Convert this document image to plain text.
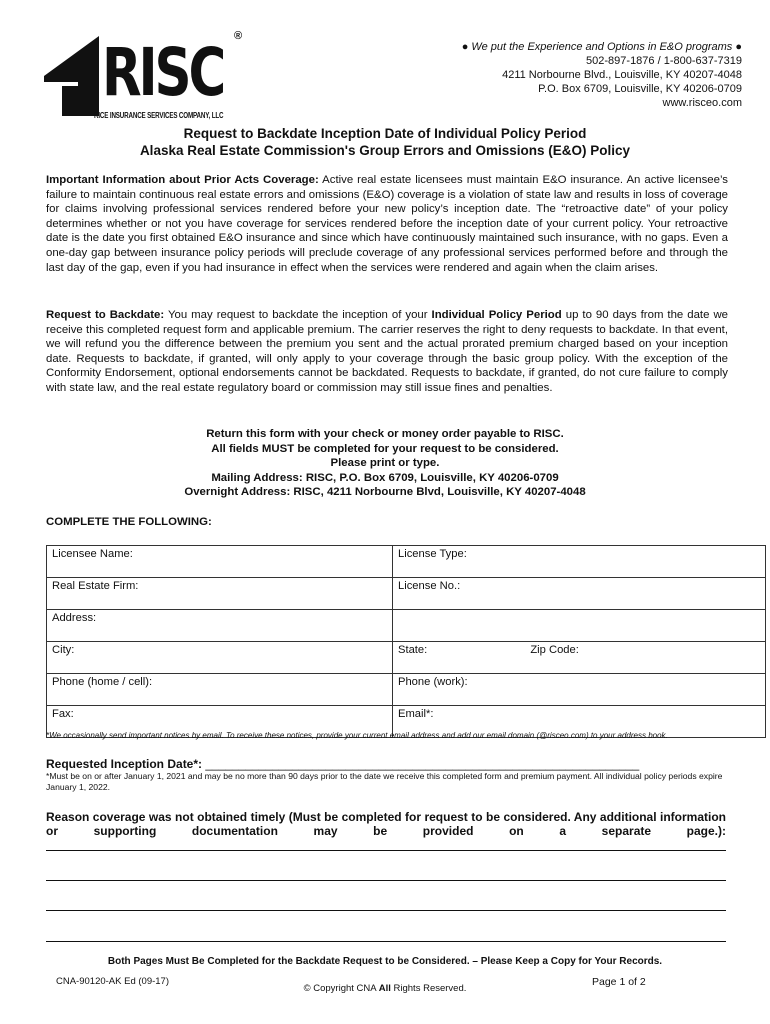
RISC ®
RICE INSURANCE SERVICES COMPANY, LLC
● We put the Experience and Options in E&O programs ●
502-897-1876 / 1-800-637-7319
4211 Norbourne Blvd., Louisville, KY 40207-4048
P.O. Box 6709, Louisville, KY 40206-0709
www.risceo.com
Request to Backdate Inception Date of Individual Policy Period
Alaska Real Estate Commission's Group Errors and Omissions (E&O) Policy
Important Information about Prior Acts Coverage: Active real estate licensees must maintain E&O insurance. An active licensee’s failure to maintain continuous real estate errors and omissions (E&O) coverage is a violation of state law and results in loss of coverage for claims involving professional services rendered before your new policy’s inception date. The “retroactive date” of your policy determines whether or not you have coverage for services rendered before the inception date of your current policy. Your retroactive date is the date you first obtained E&O insurance and since which have continuously maintained such insurance, with no gaps. Even a one-day gap between insurance policy periods will preclude coverage of any professional services performed before and through the last day of the gap, even if you had insurance in effect when the services were rendered and again when the claim arises.
Request to Backdate: You may request to backdate the inception of your Individual Policy Period up to 90 days from the date we receive this completed request form and applicable premium. The carrier reserves the right to deny requests to backdate. In that event, we will refund you the difference between the premium you sent and the actual prorated premium charged based on your inception date. Requests to backdate, if granted, will only apply to your coverage through the basic group policy. With the exception of the Conformity Endorsement, optional endorsements cannot be backdated. Requests to backdate, if granted, do not cure failure to comply with state law, and the real estate regulatory board or commission may still issue fines and penalties.
Return this form with your check or money order payable to RISC.
All fields MUST be completed for your request to be considered.
Please print or type.
Mailing Address: RISC, P.O. Box 6709, Louisville, KY 40206-0709
Overnight Address: RISC, 4211 Norbourne Blvd, Louisville, KY 40207-4048
COMPLETE THE FOLLOWING:
Licensee Name:	License Type:
Real Estate Firm:	License No.:
Address:	
City:	State: Zip Code:
Phone (home / cell):	Phone (work):
Fax:	Email*:
*We occasionally send important notices by email. To receive these notices, provide your current email address and add our email domain (@risceo.com) to your address book.
Requested Inception Date*: _________________________________________________________________
*Must be on or after January 1, 2021 and may be no more than 90 days prior to the date we receive this completed form and premium payment. All individual policy periods expire January 1, 2022.
Reason coverage was not obtained timely (Must be completed for request to be considered. Any additional information or supporting documentation may be provided on a separate page.):
Both Pages Must Be Completed for the Backdate Request to be Considered. – Please Keep a Copy for Your Records.
CNA-90120-AK Ed (09-17)
© Copyright CNA All Rights Reserved.
Page 1 of 2
